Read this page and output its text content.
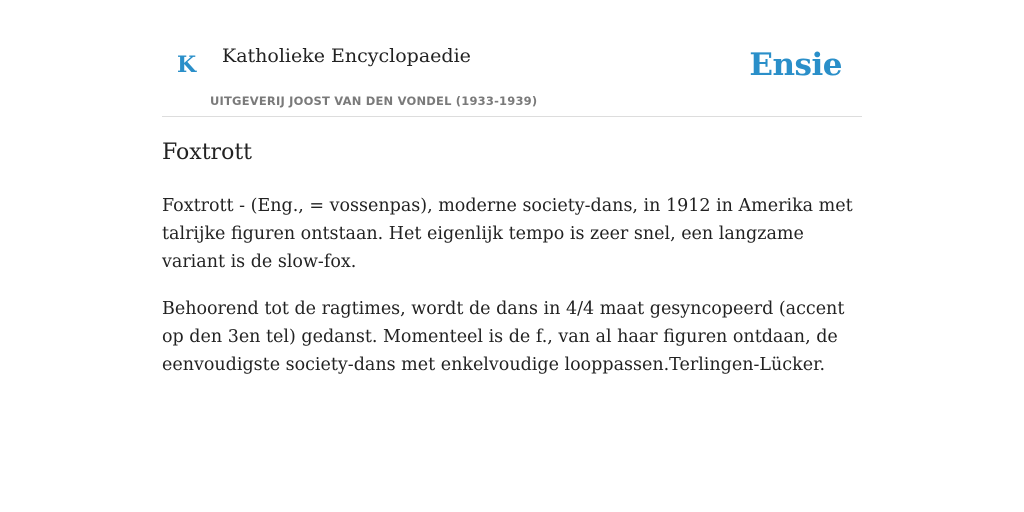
K Katholieke Encyclopaedie
UITGEVERIJ JOOST VAN DEN VONDEL (1933-1939)
Ensie
Foxtrott

Foxtrott - (Eng., = vossenpas), moderne society-dans, in 1912 in Amerika met talrijke figuren ontstaan. Het eigenlijk tempo is zeer snel, een langzame variant is de slow-fox.

Behoorend tot de ragtimes, wordt de dans in 4/4 maat gesyncopeerd (accent op den 3en tel) gedanst. Momenteel is de f., van al haar figuren ontdaan, de eenvoudigste society-dans met enkelvoudige looppassen.Terlingen-Lücker.
